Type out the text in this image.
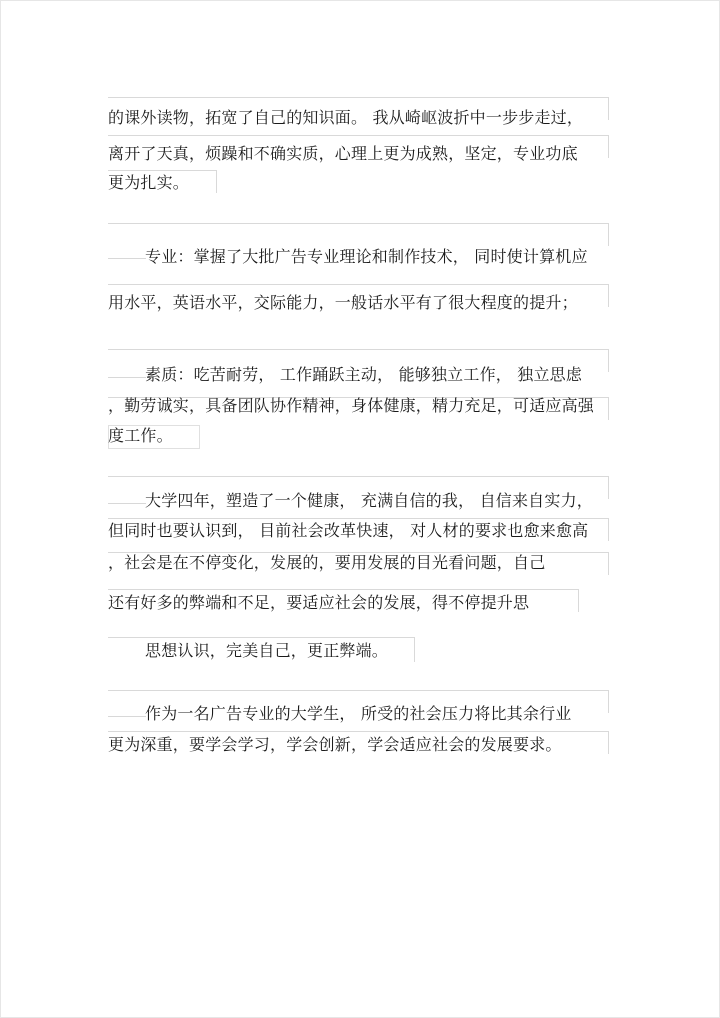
的课外读物，拓宽了自己的知识面。 我从崎岖波折中一步步走过，
离开了天真，烦躁和不确实质，心理上更为成熟，坚定，专业功底
更为扎实。
专业：掌握了大批广告专业理论和制作技术， 同时使计算机应
用水平，英语水平，交际能力，一般话水平有了很大程度的提升；
素质：吃苦耐劳， 工作踊跃主动， 能够独立工作， 独立思虑
，勤劳诚实，具备团队协作精神，身体健康，精力充足，可适应高强
度工作。
大学四年，塑造了一个健康， 充满自信的我， 自信来自实力，
但同时也要认识到， 目前社会改革快速， 对人材的要求也愈来愈高
，社会是在不停变化，发展的，要用发展的目光看问题，自己
还有好多的弊端和不足，要适应社会的发展，得不停提升思
思想认识，完美自己，更正弊端。
作为一名广告专业的大学生， 所受的社会压力将比其余行业
更为深重，要学会学习，学会创新，学会适应社会的发展要求。
